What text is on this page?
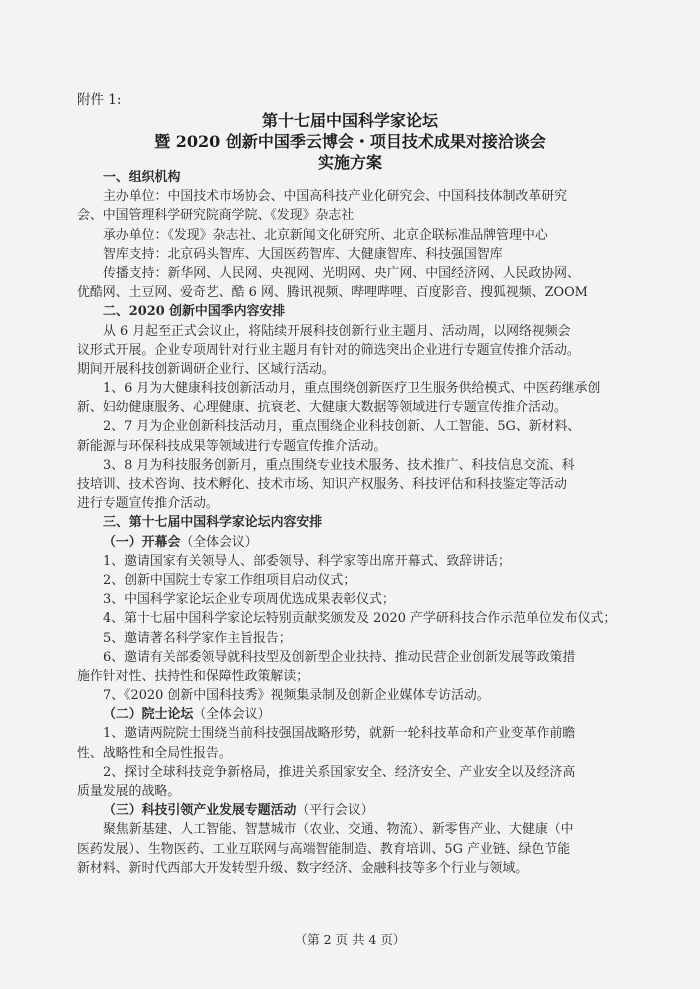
附件 1:
第十七届中国科学家论坛
暨 2020 创新中国季云博会・项目技术成果对接洽谈会
实施方案
一、组织机构
主办单位：中国技术市场协会、中国高科技产业化研究会、中国科技体制改革研究
会、中国管理科学研究院商学院、《发现》杂志社
承办单位：《发现》杂志社、北京新闻文化研究所、北京企联标准品牌管理中心
智库支持：北京码头智库、大国医药智库、大健康智库、科技强国智库
传播支持：新华网、人民网、央视网、光明网、央广网、中国经济网、人民政协网、
优酷网、土豆网、爱奇艺、酷 6 网、腾讯视频、哔哩哔哩、百度影音、搜狐视频、ZOOM
二、2020 创新中国季内容安排
从 6 月起至正式会议止，将陆续开展科技创新行业主题月、活动周，以网络视频会
议形式开展。企业专项周针对行业主题月有针对的筛选突出企业进行专题宣传推介活动。
期间开展科技创新调研企业行、区域行活动。
1、6 月为大健康科技创新活动月，重点围绕创新医疗卫生服务供给模式、中医药继承创
新、妇幼健康服务、心理健康、抗衰老、大健康大数据等领域进行专题宣传推介活动。
2、7 月为企业创新科技活动月，重点围绕企业科技创新、人工智能、5G、新材料、
新能源与环保科技成果等领域进行专题宣传推介活动。
3、8 月为科技服务创新月，重点围绕专业技术服务、技术推广、科技信息交流、科
技培训、技术咨询、技术孵化、技术市场、知识产权服务、科技评估和科技鉴定等活动
进行专题宣传推介活动。
三、第十七届中国科学家论坛内容安排
（一）开幕会（全体会议）
1、邀请国家有关领导人、部委领导、科学家等出席开幕式、致辞讲话；
2、创新中国院士专家工作组项目启动仪式；
3、中国科学家论坛企业专项周优选成果表彰仪式；
4、第十七届中国科学家论坛特别贡献奖颁发及 2020 产学研科技合作示范单位发布仪式；
5、邀请著名科学家作主旨报告；
6、邀请有关部委领导就科技型及创新型企业扶持、推动民营企业创新发展等政策措
施作针对性、扶持性和保障性政策解读；
7、《2020 创新中国科技秀》视频集录制及创新企业媒体专访活动。
（二）院士论坛（全体会议）
1、邀请两院院士围绕当前科技强国战略形势，就新一轮科技革命和产业变革作前瞻
性、战略性和全局性报告。
2、探讨全球科技竞争新格局，推进关系国家安全、经济安全、产业安全以及经济高
质量发展的战略。
（三）科技引领产业发展专题活动（平行会议）
聚焦新基建、人工智能、智慧城市（农业、交通、物流）、新零售产业、大健康（中
医药发展）、生物医药、工业互联网与高端智能制造、教育培训、5G 产业链、绿色节能
新材料、新时代西部大开发转型升级、数字经济、金融科技等多个行业与领域。
（第 2 页 共 4 页）
